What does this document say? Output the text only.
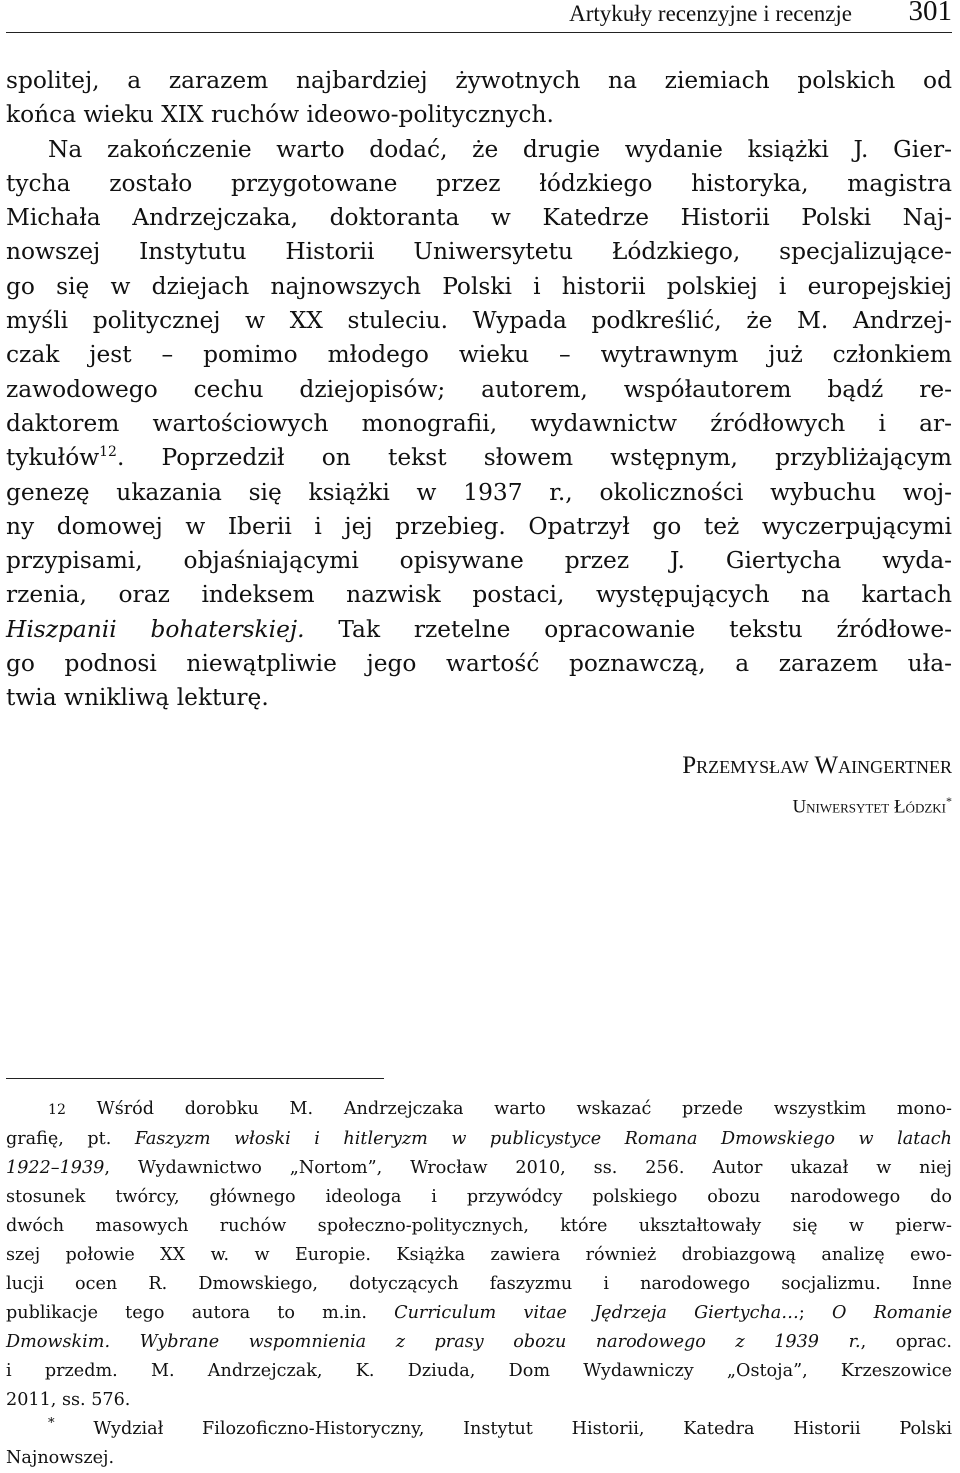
Artykuły recenzyjne i recenzje 301
spolitej, a zarazem najbardziej żywotnych na ziemiach polskich od
końca wieku XIX ruchów ideowo-politycznych.
Na zakończenie warto dodać, że drugie wydanie książki J. Gier-
tycha zostało przygotowane przez łódzkiego historyka, magistra
Michała Andrzejczaka, doktoranta w Katedrze Historii Polski Naj-
nowszej Instytutu Historii Uniwersytetu Łódzkiego, specjalizujące-
go się w dziejach najnowszych Polski i historii polskiej i europejskiej
myśli politycznej w XX stuleciu. Wypada podkreślić, że M. Andrzej-
czak jest – pomimo młodego wieku – wytrawnym już członkiem
zawodowego cechu dziejopisów; autorem, współautorem bądź re-
daktorem wartościowych monografii, wydawnictw źródłowych i ar-
tykułów$^{12}$. Poprzedził on tekst słowem wstępnym, przybliżającym
genezę ukazania się książki w 1937 r., okoliczności wybuchu woj-
ny domowej w Iberii i jej przebieg. Opatrzył go też wyczerpującymi
przypisami, objaśniającymi opisywane przez J. Giertycha wyda-
rzenia, oraz indeksem nazwisk postaci, występujących na kartach
Hiszpanii bohaterskiej. Tak rzetelne opracowanie tekstu źródłowe-
go podnosi niewątpliwie jego wartość poznawczą, a zarazem uła-
twia wnikliwą lekturę.
Przemysław Waingertner
Uniwersytet Łódzki*
12 Wśród dorobku M. Andrzejczaka warto wskazać przede wszystkim mono-
grafię, pt. Faszyzm włoski i hitleryzm w publicystyce Romana Dmowskiego w latach
1922–1939, Wydawnictwo „Nortom”, Wrocław 2010, ss. 256. Autor ukazał w niej
stosunek twórcy, głównego ideologa i przywódcy polskiego obozu narodowego do
dwóch masowych ruchów społeczno-politycznych, które ukształtowały się w pierw-
szej połowie XX w. w Europie. Książka zawiera również drobiazgową analizę ewo-
lucji ocen R. Dmowskiego, dotyczących faszyzmu i narodowego socjalizmu. Inne
publikacje tego autora to m.in. Curriculum vitae Jędrzeja Giertycha…; O Romanie
Dmowskim. Wybrane wspomnienia z prasy obozu narodowego z 1939 r., oprac.
i przedm. M. Andrzejczak, K. Dziuda, Dom Wydawniczy „Ostoja”, Krzeszowice
2011, ss. 576.
* Wydział Filozoficzno-Historyczny, Instytut Historii, Katedra Historii Polski
Najnowszej.
